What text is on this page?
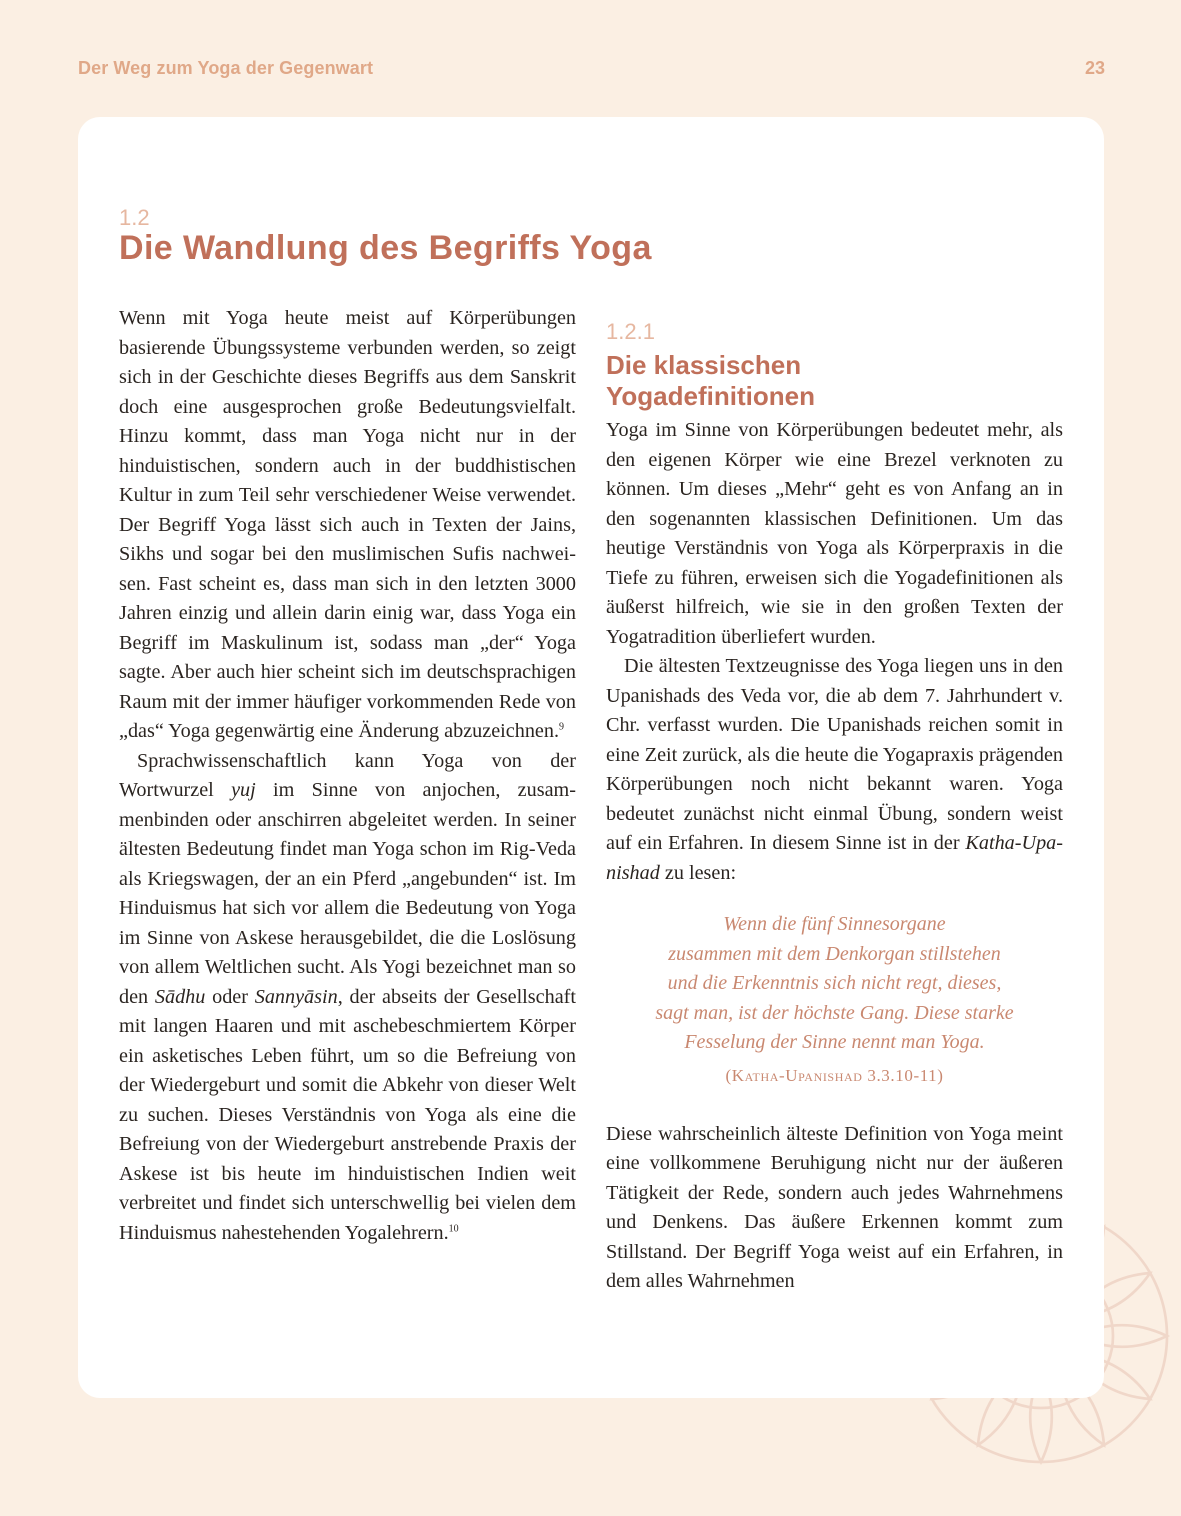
Der Weg zum Yoga der Gegenwart	23
1.2
Die Wandlung des Begriffs Yoga

Wenn mit Yoga heute meist auf Körperübungen basierende Übungssysteme verbunden werden, so zeigt sich in der Geschichte dieses Begriffs aus dem Sanskrit doch eine ausgesprochen große Bedeutungsvielfalt. Hinzu kommt, dass man Yoga nicht nur in der hinduistischen, sondern auch in der buddhistischen Kultur in zum Teil sehr verschiedener Weise verwendet. Der Begriff Yoga lässt sich auch in Texten der Jains, Sikhs und sogar bei den muslimischen Sufis nachweisen. Fast scheint es, dass man sich in den letzten 3000 Jahren einzig und allein darin einig war, dass Yoga ein Begriff im Maskulinum ist, sodass man „der“ Yoga sagte. Aber auch hier scheint sich im deutschsprachigen Raum mit der immer häufiger vorkommenden Rede von „das“ Yoga gegenwärtig eine Änderung abzuzeichnen.$^9$

Sprachwissenschaftlich kann Yoga von der Wortwurzel yuj im Sinne von anjochen, zusammenbinden oder anschirren abgeleitet werden. In seiner ältesten Bedeutung findet man Yoga schon im Rig-Veda als Kriegswagen, der an ein Pferd „angebunden“ ist. Im Hinduismus hat sich vor allem die Bedeutung von Yoga im Sinne von Askese herausgebildet, die die Loslösung von allem Weltlichen sucht. Als Yogi bezeichnet man so den Sādhu oder Sannyāsin, der abseits der Gesellschaft mit langen Haaren und mit aschebeschmiertem Körper ein asketisches Leben führt, um so die Befreiung von der Wiedergeburt und somit die Abkehr von dieser Welt zu suchen. Dieses Verständnis von Yoga als eine die Befreiung von der Wiedergeburt anstrebende Praxis der Askese ist bis heute im hinduistischen Indien weit verbreitet und findet sich unterschwellig bei vielen dem Hinduismus nahestehenden Yogalehrern.$^{10}$

1.2.1
Die klassischen
Yogadefinitionen

Yoga im Sinne von Körperübungen bedeutet mehr, als den eigenen Körper wie eine Brezel verknoten zu können. Um dieses „Mehr“ geht es von Anfang an in den sogenannten klassischen Definitionen. Um das heutige Verständnis von Yoga als Körperpraxis in die Tiefe zu führen, erweisen sich die Yogadefinitionen als äußerst hilfreich, wie sie in den großen Texten der Yogatradition überliefert wurden.

Die ältesten Textzeugnisse des Yoga liegen uns in den Upanishads des Veda vor, die ab dem 7. Jahrhundert v. Chr. verfasst wurden. Die Upanishads reichen somit in eine Zeit zurück, als die heute die Yogapraxis prägenden Körperübungen noch nicht bekannt waren. Yoga bedeutet zunächst nicht einmal Übung, sondern weist auf ein Erfahren. In diesem Sinne ist in der Katha-Upanishad zu lesen:

Wenn die fünf Sinnesorgane
zusammen mit dem Denkorgan stillstehen
und die Erkenntnis sich nicht regt, dieses,
sagt man, ist der höchste Gang. Diese starke
Fesselung der Sinne nennt man Yoga.
(Katha-Upanishad 3.3.10-11)

Diese wahrscheinlich älteste Definition von Yoga meint eine vollkommene Beruhigung nicht nur der äußeren Tätigkeit der Rede, sondern auch jedes Wahrnehmens und Denkens. Das äußere Erkennen kommt zum Stillstand. Der Begriff Yoga weist auf ein Erfahren, in dem alles Wahrnehmen
